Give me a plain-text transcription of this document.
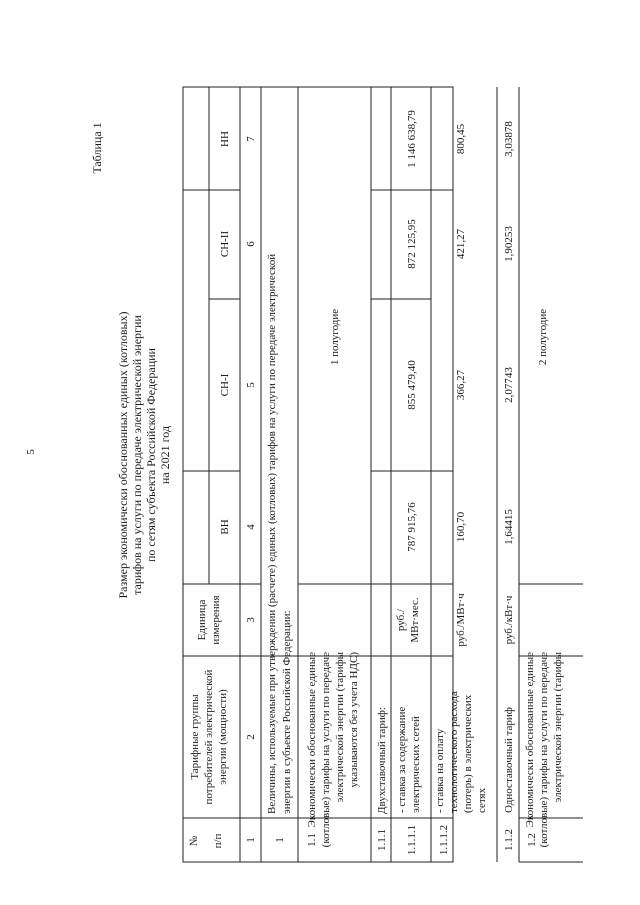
5
Таблица 1
Размер экономически обоснованных единых (котловых) тарифов на услуги по передаче электрической энергии по сетям субъекта Российской Федерации на 2021 год
№ п/п
Тарифные группы потребителей электрической энергии (мощности)
Единица измерения
ВН
СН-I
СН-II
НН
1
2
3
4
5
6
7
1
Величины, используемые при утверждении (расчете) единых (котловых) тарифов на услуги по передаче электрической энергии в субъекте Российской Федерации:
1.1
Экономически обоснованные единые (котловые) тарифы на услуги по передаче электрической энергии (тарифы указываются без учета НДС)
1 полугодие
1.1.1
Двухставочный тариф:
1.1.1.1
- ставка за содержание электрических сетей
руб./ МВт·мес.
787 915,76
855 479,40
872 125,95
1 146 638,79
1.1.1.2
- ставка на оплату технологического расхода (потерь) в электрических сетях
руб./МВт·ч
160,70
366,27
421,27
800,45
1.1.2
Одноставочный тариф
руб./кВт·ч
1,64415
2,07743
1,90253
3,03878
1.2
Экономически обоснованные единые (котловые) тарифы на услуги по передаче электрической энергии (тарифы
2 полугодие
